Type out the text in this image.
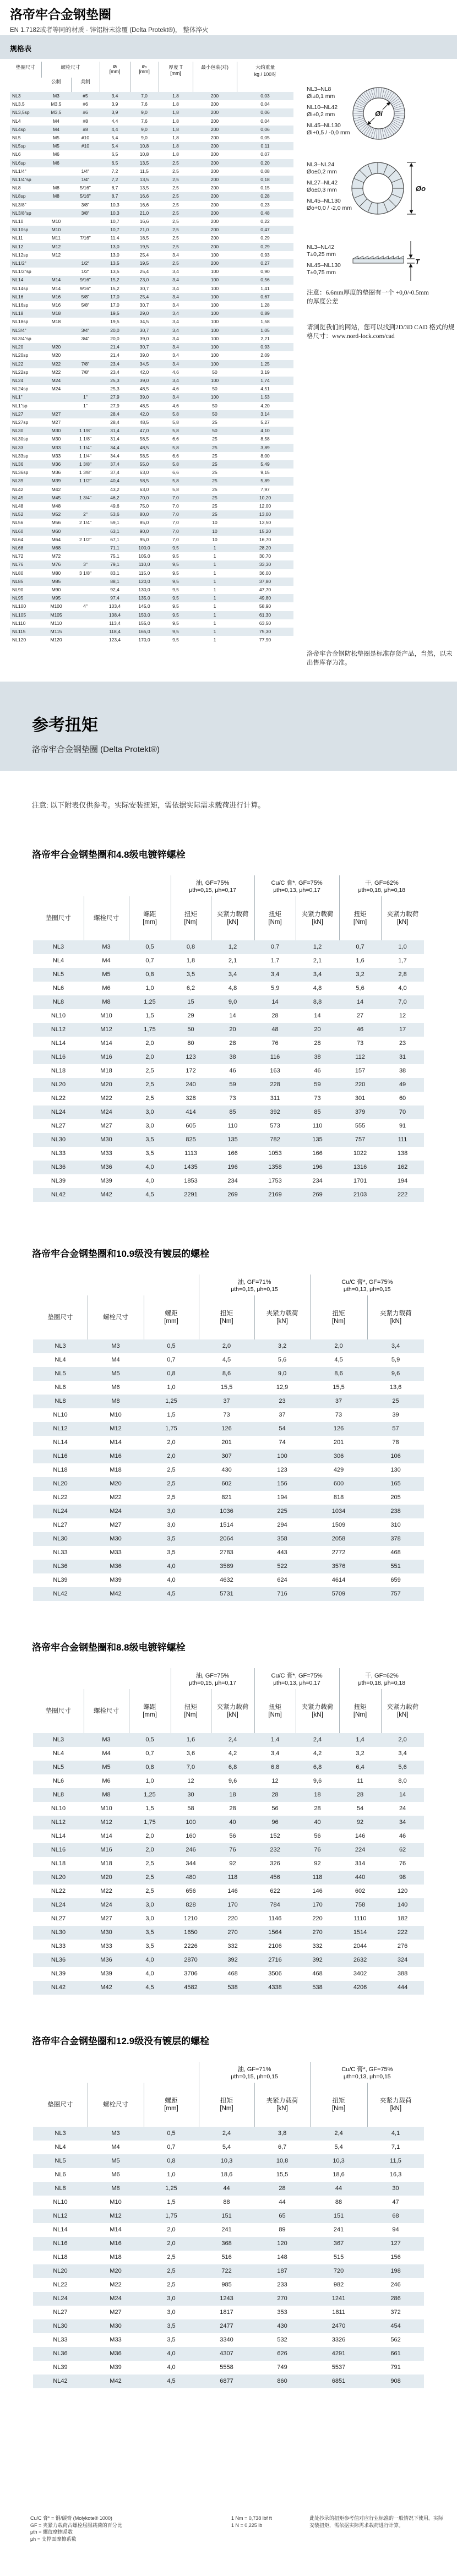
洛帝牢合金钢垫圈
EN 1.7182或者等同的材质 · 锌铝粉末涂覆 (Delta Protekt®)， 整体淬火
规格表
垫圈尺寸	螺栓尺寸	øᵢ
[mm]

øₒ
[mm]

厚度 T
[mm]
	最小包装(对)	大约重量
kg / 100对

	公制	美制					
NL3	M3	#5	3,4	7,0	1,8	200	0,03
NL3,5	M3,5	#6	3,9	7,6	1,8	200	0,04
NL3,5sp	M3,5	#6	3,9	9,0	1,8	200	0,06
NL4	M4	#8	4,4	7,6	1,8	200	0,04
NL4sp	M4	#8	4,4	9,0	1,8	200	0,06
NL5	M5	#10	5,4	9,0	1,8	200	0,05
NL5sp	M5	#10	5,4	10,8	1,8	200	0,11
NL6	M6		6,5	10,8	1,8	200	0,07
NL6sp	M6		6,5	13,5	2,5	200	0,20
NL1/4"		1/4"	7,2	11,5	2,5	200	0,08
NL1/4"sp		1/4"	7,2	13,5	2,5	200	0,18
NL8	M8	5/16"	8,7	13,5	2,5	200	0,15
NL8sp	M8	5/16"	8,7	16,6	2,5	200	0,28
NL3/8"		3/8"	10,3	16,6	2,5	200	0,23
NL3/8"sp		3/8"	10,3	21,0	2,5	200	0,48
NL10	M10		10,7	16,6	2,5	200	0,22
NL10sp	M10		10,7	21,0	2,5	200	0,47
NL11	M11	7/16"	11,4	18,5	2,5	200	0,29
NL12	M12		13,0	19,5	2,5	200	0,29
NL12sp	M12		13,0	25,4	3,4	100	0,93
NL1/2"		1/2"	13,5	19,5	2,5	200	0,27
NL1/2"sp		1/2"	13,5	25,4	3,4	100	0,90
NL14	M14	9/16"	15,2	23,0	3,4	100	0,56
NL14sp	M14	9/16"	15,2	30,7	3,4	100	1,41
NL16	M16	5/8"	17,0	25,4	3,4	100	0,67
NL16sp	M16	5/8"	17,0	30,7	3,4	100	1,28
NL18	M18		19,5	29,0	3,4	100	0,89
NL18sp	M18		19,5	34,5	3,4	100	1,58
NL3/4"		3/4"	20,0	30,7	3,4	100	1,05
NL3/4"sp		3/4"	20,0	39,0	3,4	100	2,21
NL20	M20		21,4	30,7	3,4	100	0,93
NL20sp	M20		21,4	39,0	3,4	100	2,09
NL22	M22	7/8"	23,4	34,5	3,4	100	1,25
NL22sp	M22	7/8"	23,4	42,0	4,6	50	3,19
NL24	M24		25,3	39,0	3,4	100	1,74
NL24sp	M24		25,3	48,5	4,6	50	4,51
NL1"		1"	27,9	39,0	3,4	100	1,53
NL1"sp		1"	27,9	48,5	4,6	50	4,20
NL27	M27		28,4	42,0	5,8	50	3,14
NL27sp	M27		28,4	48,5	5,8	25	5,27
NL30	M30	1 1/8"	31,4	47,0	5,8	50	4,10
NL30sp	M30	1 1/8"	31,4	58,5	6,6	25	8,58
NL33	M33	1 1/4"	34,4	48,5	5,8	25	3,89
NL33sp	M33	1 1/4"	34,4	58,5	6,6	25	8,00
NL36	M36	1 3/8"	37,4	55,0	5,8	25	5,49
NL36sp	M36	1 3/8"	37,4	63,0	6,6	25	9,15
NL39	M39	1 1/2"	40,4	58,5	5,8	25	5,89
NL42	M42		43,2	63,0	5,8	25	7,97
NL45	M45	1 3/4"	46,2	70,0	7,0	25	10,20
NL48	M48		49,6	75,0	7,0	25	12,00
NL52	M52	2"	53,6	80,0	7,0	25	13,00
NL56	M56	2 1/4"	59,1	85,0	7,0	10	13,50
NL60	M60		63,1	90,0	7,0	10	15,20
NL64	M64	2 1/2"	67,1	95,0	7,0	10	16,70
NL68	M68		71,1	100,0	9,5	1	28,20
NL72	M72		75,1	105,0	9,5	1	30,70
NL76	M76	3"	79,1	110,0	9,5	1	33,30
NL80	M80	3 1/8"	83,1	115,0	9,5	1	36,00
NL85	M85		88,1	120,0	9,5	1	37,80
NL90	M90		92,4	130,0	9,5	1	47,70
NL95	M95		97,4	135,0	9,5	1	49,80
NL100	M100	4"	103,4	145,0	9,5	1	58,90
NL105	M105		108,4	150,0	9,5	1	61,30
NL110	M110		113,4	155,0	9,5	1	63,50
NL115	M115		118,4	165,0	9,5	1	75,30
NL120	M120		123,4	170,0	9,5	1	77,90
Øi
Øo
T
NL3–NL8
Øi±0,1 mm
NL10–NL42
Øi±0,2 mm
NL45–NL130
Øi+0,5 / -0,0 mm
NL3–NL24
Øo±0,2 mm
NL27–NL42
Øo±0,3 mm
NL45–NL130
Øo+0,0 / -2,0 mm
NL3–NL42
T±0,25 mm
NL45–NL130
T±0,75 mm
注意：6.6mm厚度的垫圈有一个 +0,0/-0.5mm的厚度公差
请浏览我们的网站，您可以找到2D/3D CAD 格式的规格尺寸：www.nord-lock.com/cad
洛帝牢合金钢防松垫圈是标准存货产品，当然，以未出售库存为准。
参考扭矩
洛帝牢合金钢垫圈 (Delta Protekt®)
注意: 以下附表仅供参考。实际安装扭矩，需依据实际需求载荷进行计算。
洛帝牢合金钢垫圈和4.8级电镀锌螺栓

油, GF=75%
μth=0,15, μh=0,17

Cu/C 膏*, GF=75%
μth=0,13, μh=0,17

干, GF=62%
μth=0,18, μh=0,18

垫圈尺寸	螺栓尺寸

螺距
[mm]

扭矩
[Nm]

夹紧力载荷
[kN]

扭矩
[Nm]

夹紧力载荷
[kN]

扭矩
[Nm]

夹紧力载荷
[kN]

NL3	M3	0,5	0,8	1,2	0,7	1,2	0,7	1,0
NL4	M4	0,7	1,8	2,1	1,7	2,1	1,6	1,7
NL5	M5	0,8	3,5	3,4	3,4	3,4	3,2	2,8
NL6	M6	1,0	6,2	4,8	5,9	4,8	5,6	4,0
NL8	M8	1,25	15	9,0	14	8,8	14	7,0
NL10	M10	1,5	29	14	28	14	27	12
NL12	M12	1,75	50	20	48	20	46	17
NL14	M14	2,0	80	28	76	28	73	23
NL16	M16	2,0	123	38	116	38	112	31
NL18	M18	2,5	172	46	163	46	157	38
NL20	M20	2,5	240	59	228	59	220	49
NL22	M22	2,5	328	73	311	73	301	60
NL24	M24	3,0	414	85	392	85	379	70
NL27	M27	3,0	605	110	573	110	555	91
NL30	M30	3,5	825	135	782	135	757	111
NL33	M33	3,5	1113	166	1053	166	1022	138
NL36	M36	4,0	1435	196	1358	196	1316	162
NL39	M39	4,0	1853	234	1753	234	1701	194
NL42	M42	4,5	2291	269	2169	269	2103	222
洛帝牢合金钢垫圈和10.9级没有镀层的螺栓

油, GF=71%
μth=0,15, μh=0,15

Cu/C 膏*, GF=75%
μth=0,13, μh=0,15

垫圈尺寸	螺栓尺寸

螺距
[mm]

扭矩
[Nm]

夹紧力载荷
[kN]

扭矩
[Nm]

夹紧力载荷
[kN]

NL3	M3	0,5	2,0	3,2	2,0	3,4
NL4	M4	0,7	4,5	5,6	4,5	5,9
NL5	M5	0,8	8,6	9,0	8,6	9,6
NL6	M6	1,0	15,5	12,9	15,5	13,6
NL8	M8	1,25	37	23	37	25
NL10	M10	1,5	73	37	73	39
NL12	M12	1,75	126	54	126	57
NL14	M14	2,0	201	74	201	78
NL16	M16	2,0	307	100	306	106
NL18	M18	2,5	430	123	429	130
NL20	M20	2,5	602	156	600	165
NL22	M22	2,5	821	194	818	205
NL24	M24	3,0	1036	225	1034	238
NL27	M27	3,0	1514	294	1509	310
NL30	M30	3,5	2064	358	2058	378
NL33	M33	3,5	2783	443	2772	468
NL36	M36	4,0	3589	522	3576	551
NL39	M39	4,0	4632	624	4614	659
NL42	M42	4,5	5731	716	5709	757
洛帝牢合金钢垫圈和8.8级电镀锌螺栓

油, GF=75%
μth=0,15, μh=0,17

Cu/C 膏*, GF=75%
μth=0,13, μh=0,17

干, GF=62%
μth=0,18, μh=0,18

垫圈尺寸	螺栓尺寸

螺距
[mm]

扭矩
[Nm]

夹紧力载荷
[kN]

扭矩
[Nm]

夹紧力载荷
[kN]

扭矩
[Nm]

夹紧力载荷
[kN]

NL3	M3	0,5	1,6	2,4	1,4	2,4	1,4	2,0
NL4	M4	0,7	3,6	4,2	3,4	4,2	3,2	3,4
NL5	M5	0,8	7,0	6,8	6,8	6,8	6,4	5,6
NL6	M6	1,0	12	9,6	12	9,6	11	8,0
NL8	M8	1,25	30	18	28	18	28	14
NL10	M10	1,5	58	28	56	28	54	24
NL12	M12	1,75	100	40	96	40	92	34
NL14	M14	2,0	160	56	152	56	146	46
NL16	M16	2,0	246	76	232	76	224	62
NL18	M18	2,5	344	92	326	92	314	76
NL20	M20	2,5	480	118	456	118	440	98
NL22	M22	2,5	656	146	622	146	602	120
NL24	M24	3,0	828	170	784	170	758	140
NL27	M27	3,0	1210	220	1146	220	1110	182
NL30	M30	3,5	1650	270	1564	270	1514	222
NL33	M33	3,5	2226	332	2106	332	2044	276
NL36	M36	4,0	2870	392	2716	392	2632	324
NL39	M39	4,0	3706	468	3506	468	3402	388
NL42	M42	4,5	4582	538	4338	538	4206	444
洛帝牢合金钢垫圈和12.9级没有镀层的螺栓

油, GF=71%
μth=0,15, μh=0,15

Cu/C 膏*, GF=75%
μth=0,13, μh=0,15

垫圈尺寸	螺栓尺寸

螺距
[mm]

扭矩
[Nm]

夹紧力载荷
[kN]

扭矩
[Nm]

夹紧力载荷
[kN]

NL3	M3	0,5	2,4	3,8	2,4	4,1
NL4	M4	0,7	5,4	6,7	5,4	7,1
NL5	M5	0,8	10,3	10,8	10,3	11,5
NL6	M6	1,0	18,6	15,5	18,6	16,3
NL8	M8	1,25	44	28	44	30
NL10	M10	1,5	88	44	88	47
NL12	M12	1,75	151	65	151	68
NL14	M14	2,0	241	89	241	94
NL16	M16	2,0	368	120	367	127
NL18	M18	2,5	516	148	515	156
NL20	M20	2,5	722	187	720	198
NL22	M22	2,5	985	233	982	246
NL24	M24	3,0	1243	270	1241	286
NL27	M27	3,0	1817	353	1811	372
NL30	M30	3,5	2477	430	2470	454
NL33	M33	3,5	3340	532	3326	562
NL36	M36	4,0	4307	626	4291	661
NL39	M39	4,0	5558	749	5537	791
NL42	M42	4,5	6877	860	6851	908
Cu/C 膏* = 铜/碳膏 (Molykote® 1000)
GF = 夹紧力载荷占螺栓屈服载荷的百分比
μth = 螺纹摩擦系数
μh = 支撑面摩擦系数
1 Nm = 0,738 lbf ft
1 N = 0,225 lb
此处抄录的扭矩参考值对应行业标准的一般情况下使用。实际安装扭矩，需依据实际需求载荷进行计算。
